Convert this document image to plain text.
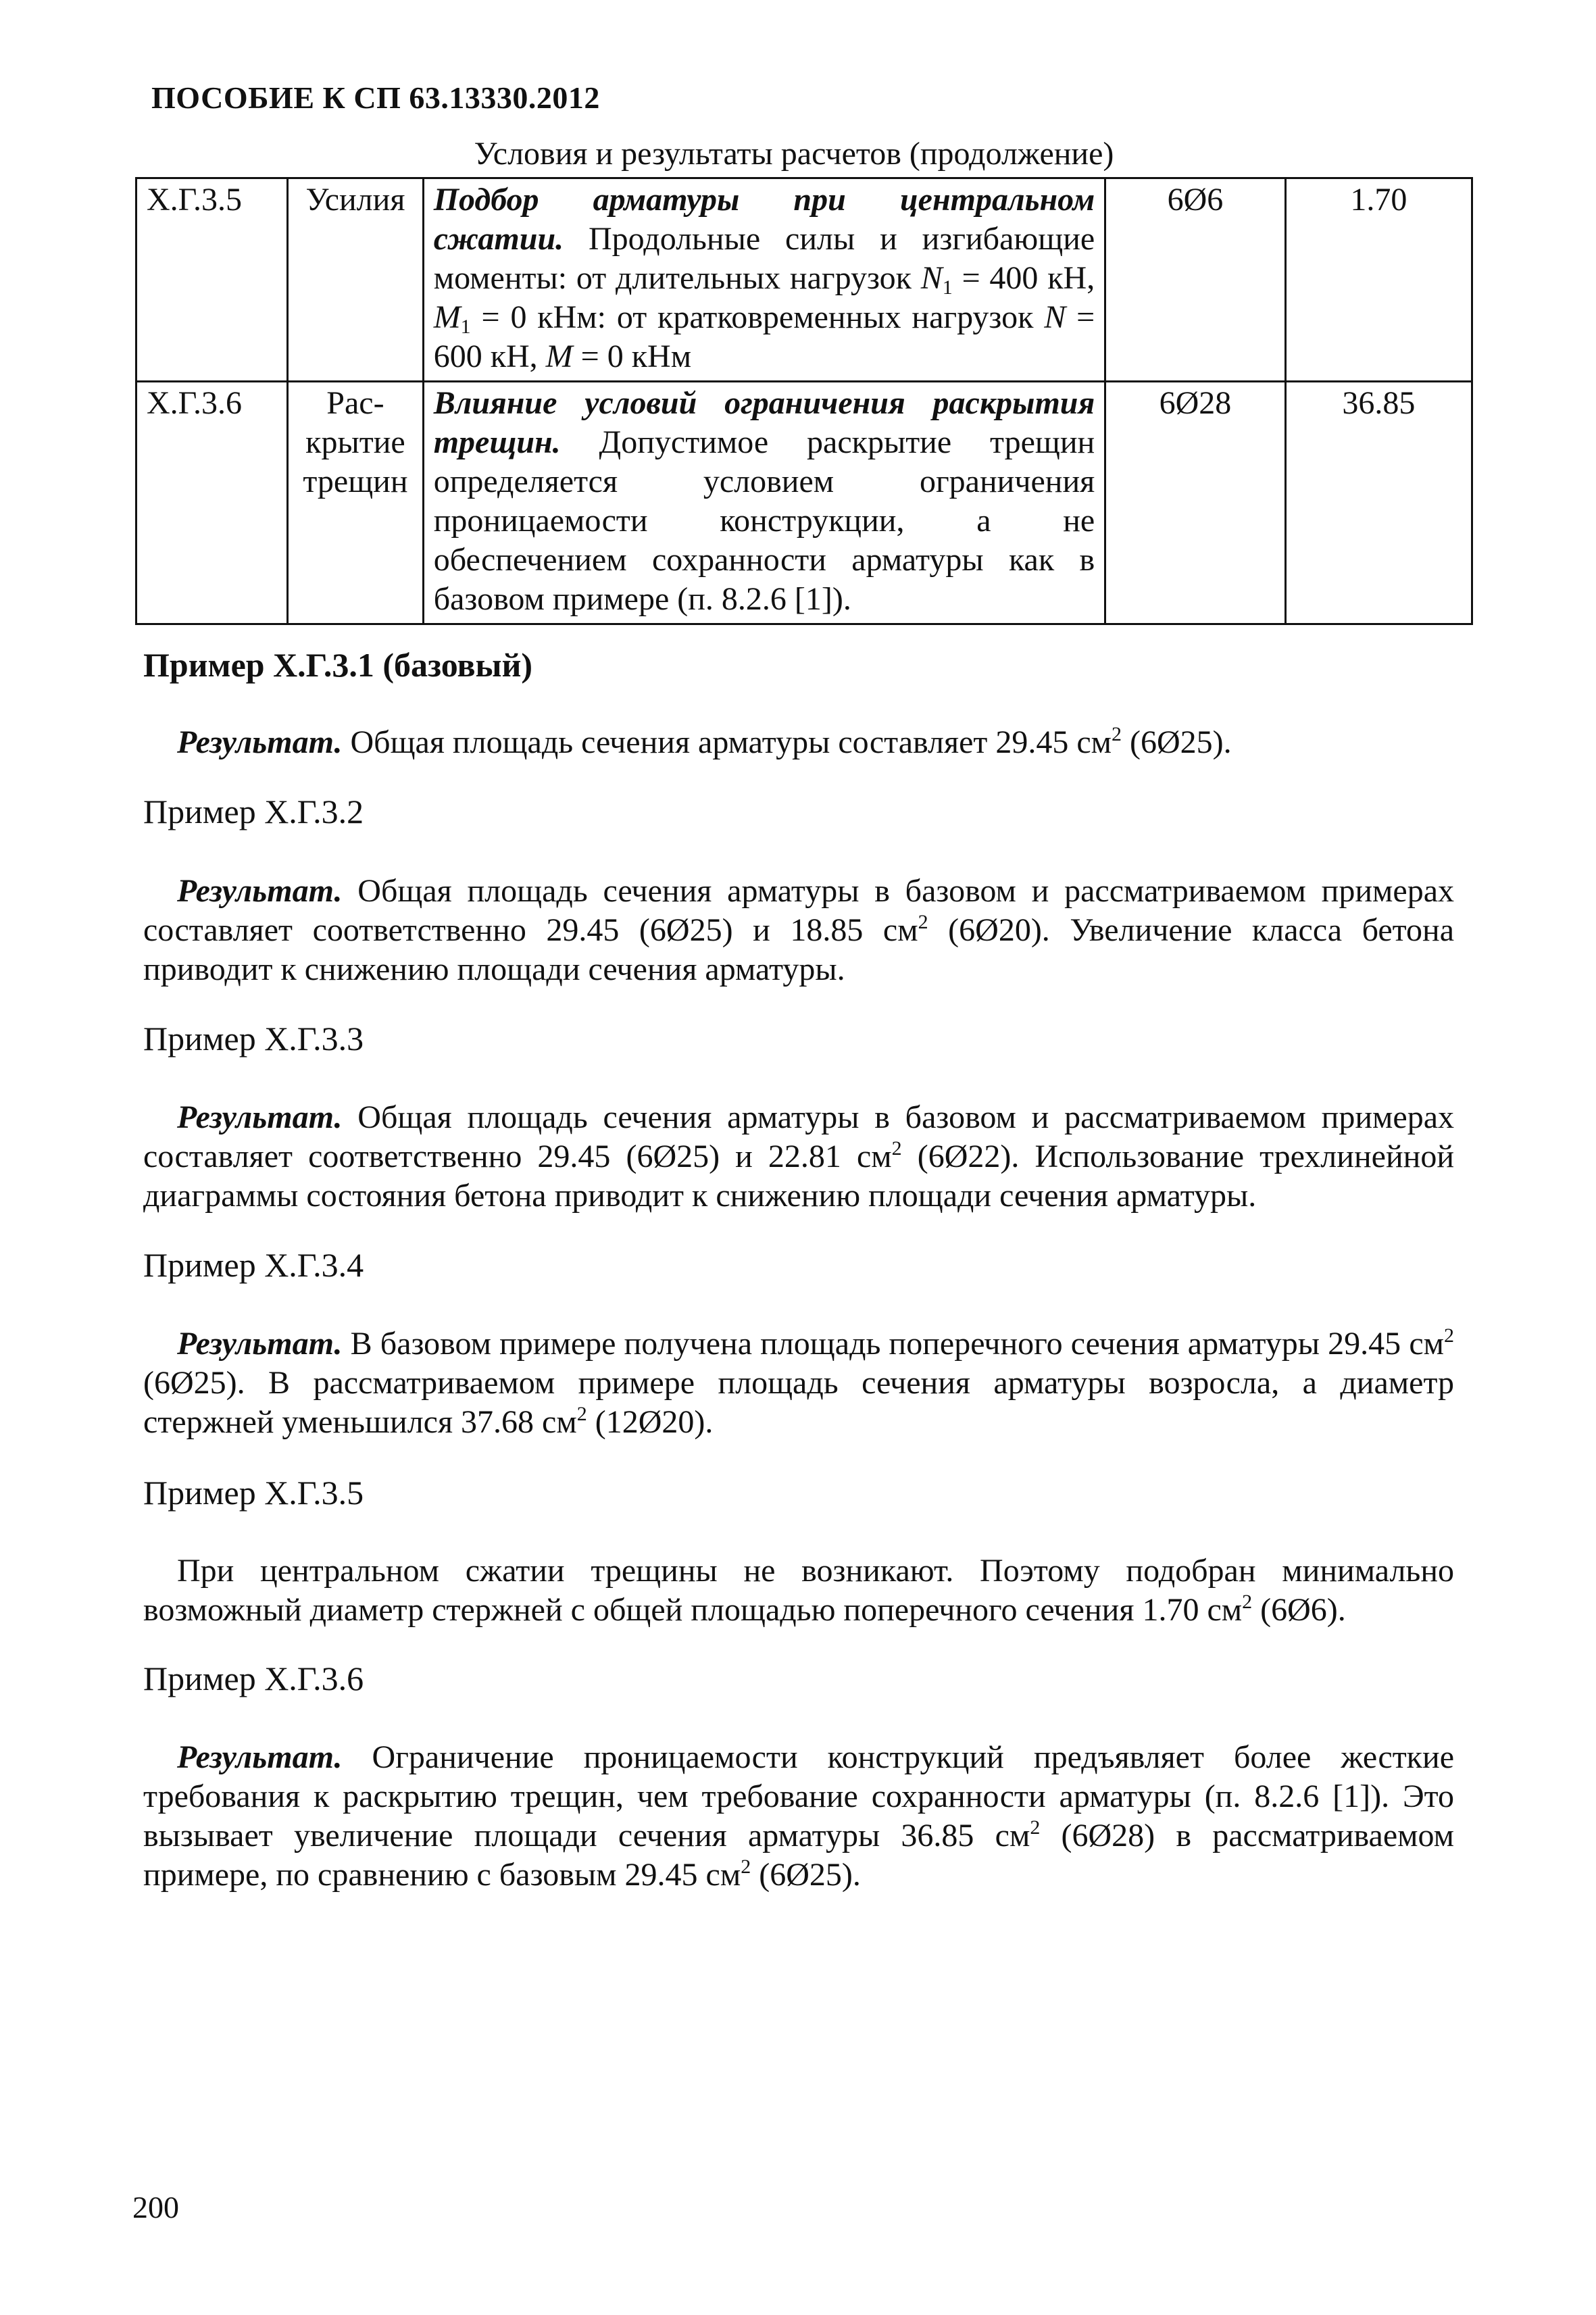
ПОСОБИЕ К СП 63.13330.2012
Условия и результаты расчетов (продолжение)
Х.Г.3.5	Усилия	Подбор арматуры при центральном сжатии. Продольные силы и изгибающие моменты: от длительных нагрузок $N_1 = 400$ кН, $M_1 = 0$ кНм: от кратковременных нагрузок N = 600 кН, M = 0 кНм	6Ø6	1.70
Х.Г.3.6	Рас-крытие трещин	Влияние условий ограничения раскрытия трещин. Допустимое раскрытие трещин определяется условием ограничения проницаемости конструкции, а не обеспечением сохранности арматуры как в базовом примере (п. 8.2.6 [1]).	6Ø28	36.85
Пример Х.Г.3.1 (базовый)
Результат. Общая площадь сечения арматуры составляет 29.45 $см^2$ (6Ø25).
Пример Х.Г.3.2
Результат. Общая площадь сечения арматуры в базовом и рассматриваемом примерах составляет соответственно 29.45 (6Ø25) и 18.85 $см^2$ (6Ø20). Увеличение класса бетона приводит к снижению площади сечения арматуры.
Пример Х.Г.3.3
Результат. Общая площадь сечения арматуры в базовом и рассматриваемом примерах составляет соответственно 29.45 (6Ø25) и 22.81 $см^2$ (6Ø22). Использование трехлинейной диаграммы состояния бетона приводит к снижению площади сечения арматуры.
Пример Х.Г.3.4
Результат. В базовом примере получена площадь поперечного сечения арматуры 29.45 $см^2$ (6Ø25). В рассматриваемом примере площадь сечения арматуры возросла, а диаметр стержней уменьшился 37.68 $см^2$ (12Ø20).
Пример Х.Г.3.5
При центральном сжатии трещины не возникают. Поэтому подобран минимально возможный диаметр стержней с общей площадью поперечного сечения 1.70 $см^2$ (6Ø6).
Пример Х.Г.3.6
Результат. Ограничение проницаемости конструкций предъявляет более жесткие требования к раскрытию трещин, чем требование сохранности арматуры (п. 8.2.6 [1]). Это вызывает увеличение площади сечения арматуры 36.85 $см^2$ (6Ø28) в рассматриваемом примере, по сравнению с базовым 29.45 $см^2$ (6Ø25).
200
